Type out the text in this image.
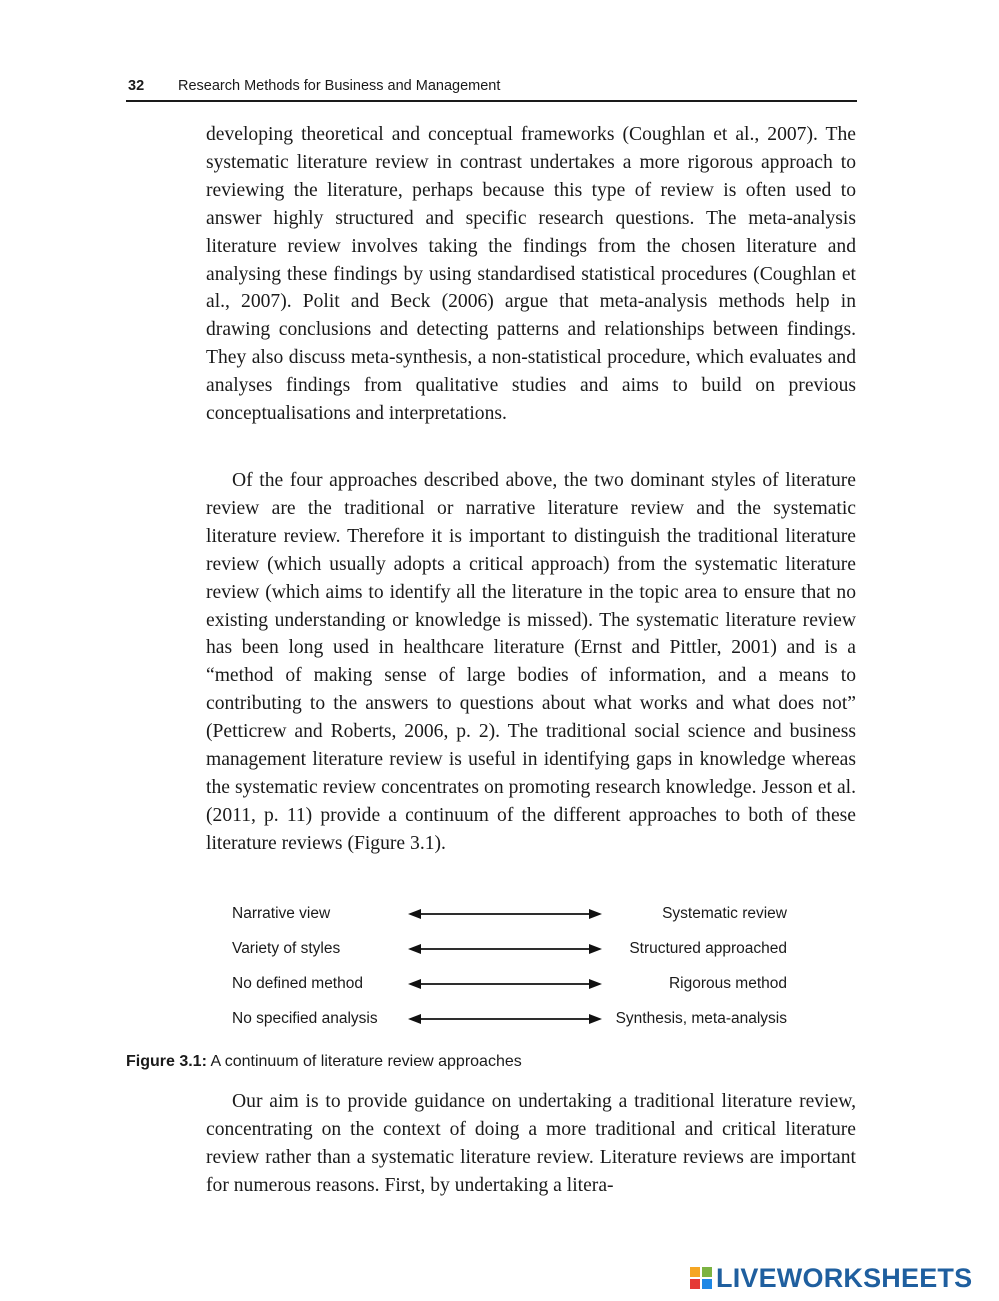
32 Research Methods for Business and Management

developing theoretical and conceptual frameworks (Coughlan et al., 2007). The systematic literature review in contrast undertakes a more rigorous approach to reviewing the literature, perhaps because this type of review is often used to answer highly structured and specific research questions. The meta-analysis literature review involves taking the findings from the chosen literature and analysing these findings by using standardised statistical procedures (Coughlan et al., 2007). Polit and Beck (2006) argue that meta-analysis methods help in drawing conclusions and detecting patterns and relationships between findings. They also discuss meta-synthesis, a non-statistical procedure, which evaluates and analyses findings from qualitative studies and aims to build on previous conceptualisations and interpretations.

Of the four approaches described above, the two dominant styles of literature review are the traditional or narrative literature review and the systematic literature review. Therefore it is important to distinguish the traditional literature review (which usually adopts a critical approach) from the systematic literature review (which aims to identify all the literature in the topic area to ensure that no existing understanding or knowledge is missed). The systematic literature review has been long used in healthcare literature (Ernst and Pittler, 2001) and is a “method of making sense of large bodies of information, and a means to contributing to the answers to questions about what works and what does not” (Petticrew and Roberts, 2006, p. 2). The traditional social science and business management literature review is useful in identifying gaps in knowledge whereas the systematic review concentrates on promoting research knowledge. Jesson et al. (2011, p. 11) provide a continuum of the different approaches to both of these literature reviews (Figure 3.1).

Narrative view	Systematic review
Variety of styles	Structured approached
No defined method	Rigorous method
No specified analysis	Synthesis, meta-analysis
Figure 3.1: A continuum of literature review approaches

Our aim is to provide guidance on undertaking a traditional literature review, concentrating on the context of doing a more traditional and critical literature review rather than a systematic literature review. Literature reviews are important for numerous reasons. First, by undertaking a litera-

LIVEWORKSHEETS
